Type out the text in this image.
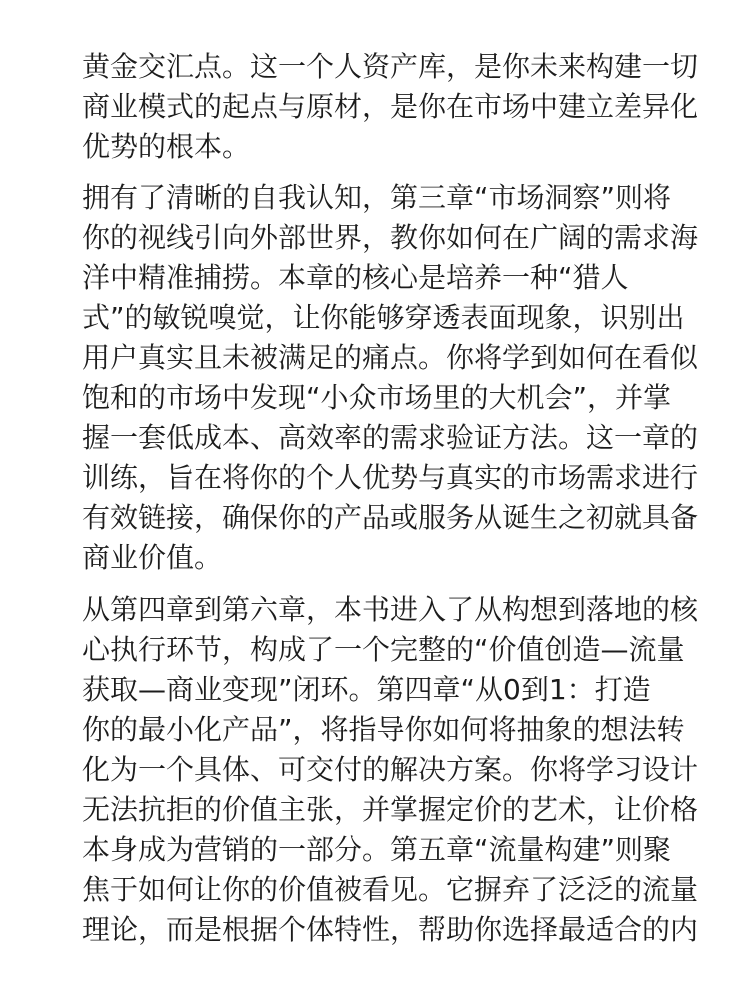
黄金交汇点。这一个人资产库，是你未来构建一切
商业模式的起点与原材，是你在市场中建立差异化
优势的根本。

拥有了清晰的自我认知，第三章“市场洞察”则将
你的视线引向外部世界，教你如何在广阔的需求海
洋中精准捕捞。本章的核心是培养一种“猎人
式”的敏锐嗅觉，让你能够穿透表面现象，识别出
用户真实且未被满足的痛点。你将学到如何在看似
饱和的市场中发现“小众市场里的大机会”，并掌
握一套低成本、高效率的需求验证方法。这一章的
训练，旨在将你的个人优势与真实的市场需求进行
有效链接，确保你的产品或服务从诞生之初就具备
商业价值。

从第四章到第六章，本书进入了从构想到落地的核
心执行环节，构成了一个完整的“价值创造—流量
获取—商业变现”闭环。第四章“从0到1：打造
你的最小化产品”，将指导你如何将抽象的想法转
化为一个具体、可交付的解决方案。你将学习设计
无法抗拒的价值主张，并掌握定价的艺术，让价格
本身成为营销的一部分。第五章“流量构建”则聚
焦于如何让你的价值被看见。它摒弃了泛泛的流量
理论，而是根据个体特性，帮助你选择最适合的内
